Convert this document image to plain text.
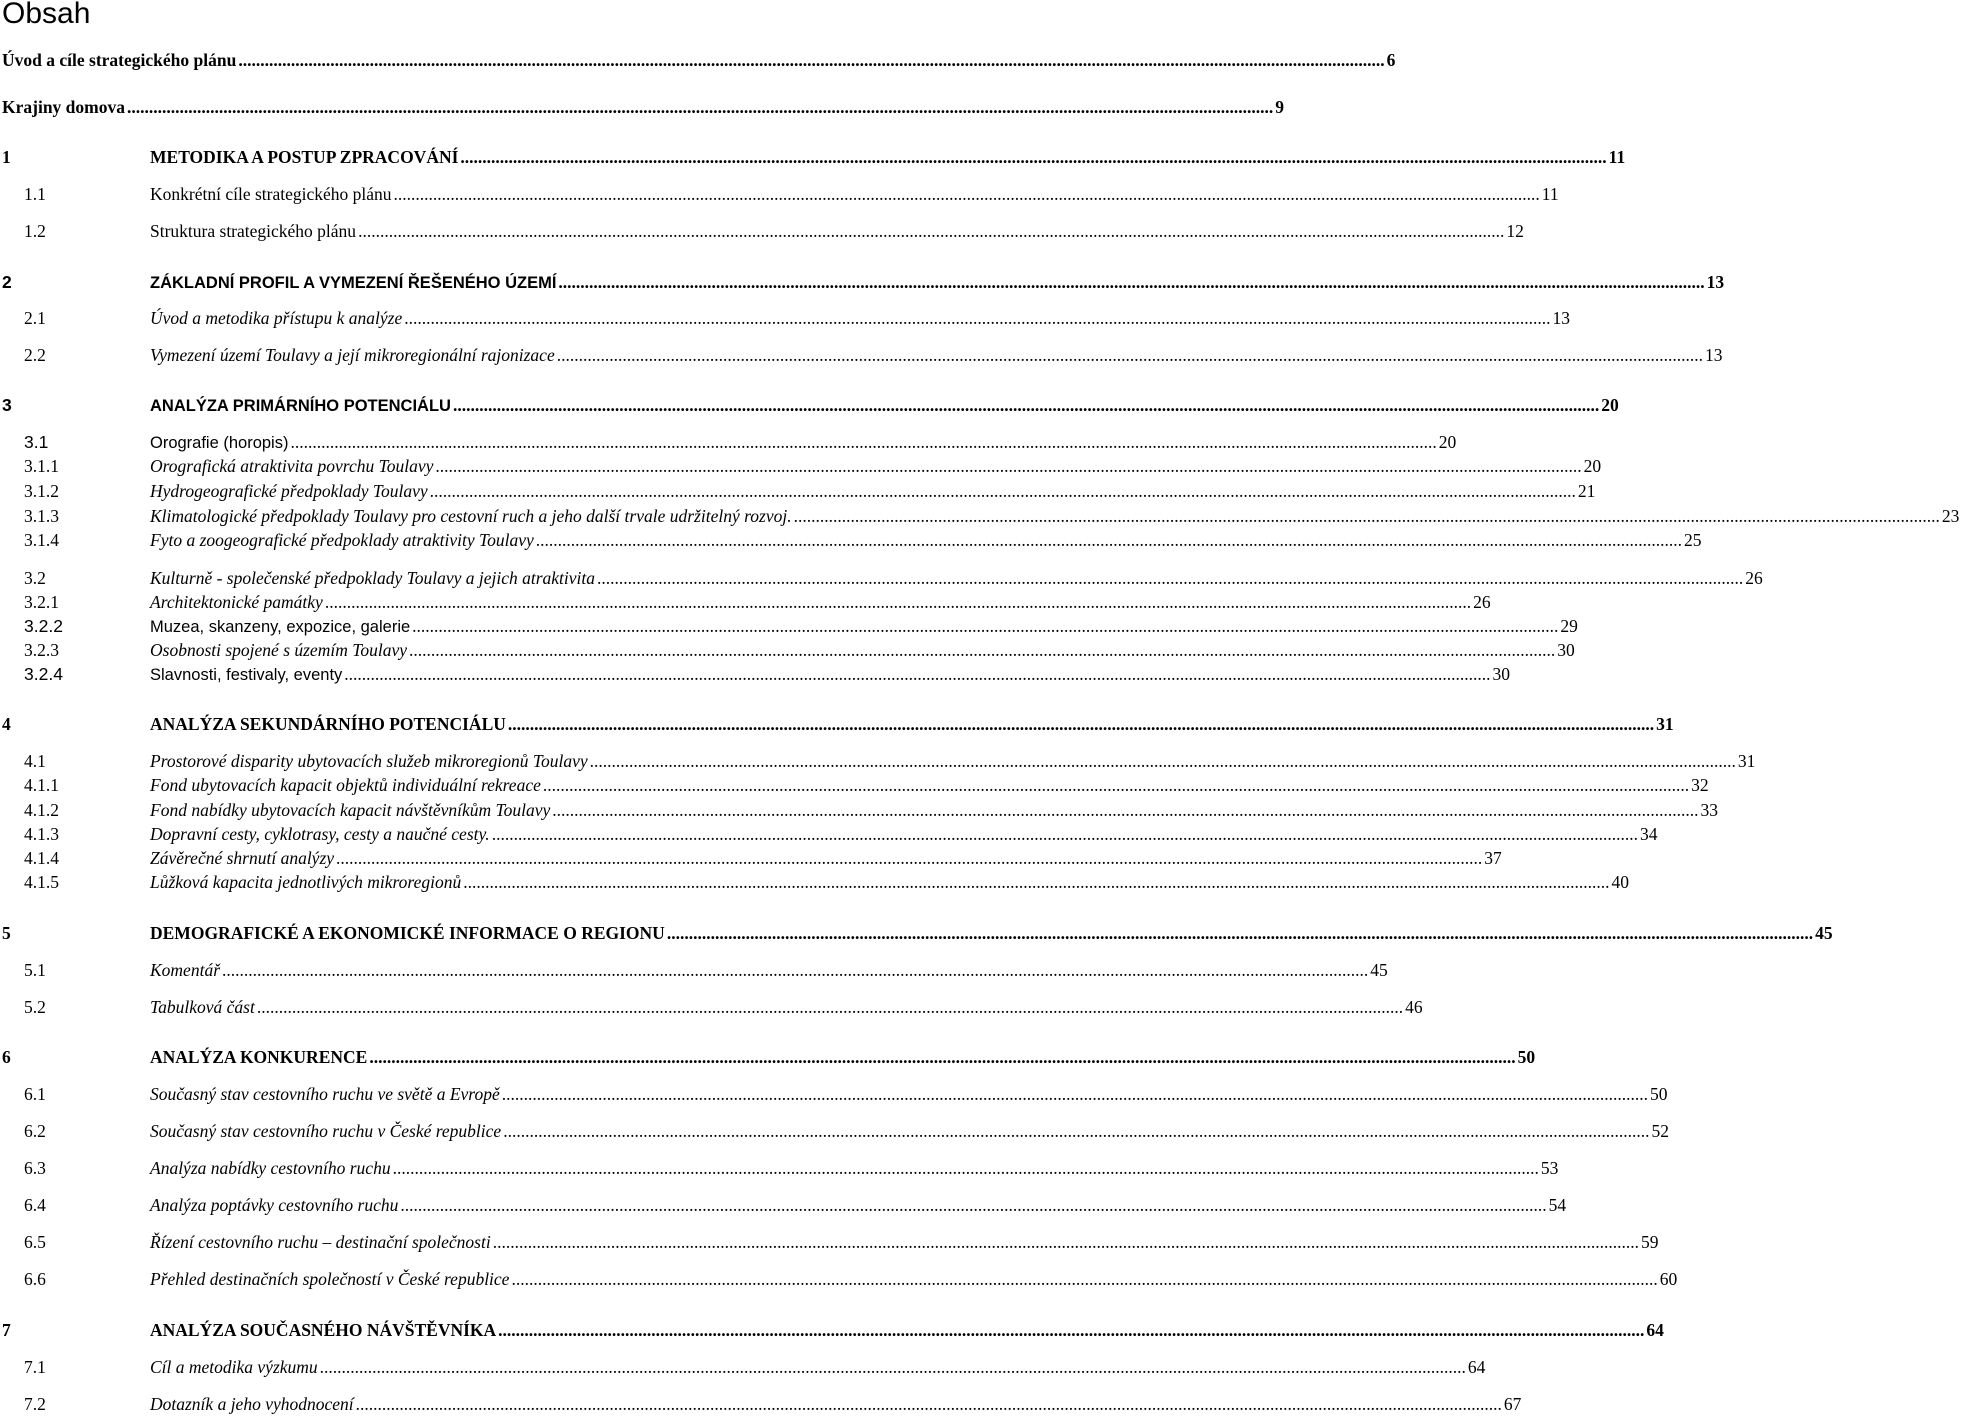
Obsah
Úvod a cíle strategického plánu .....	6
Krajiny domova .....	9
1	METODIKA A POSTUP ZPRACOVÁNÍ .....	11
1.1	Konkrétní cíle strategického plánu .....	11
1.2	Struktura strategického plánu .....	12
2	ZÁKLADNÍ PROFIL A VYMEZENÍ ŘEŠENÉHO ÚZEMÍ .....	13
2.1	Úvod a metodika přístupu k analýze .....	13
2.2	Vymezení území Toulavy a její mikroregionální rajonizace .....	13
3	ANALÝZA PRIMÁRNÍHO POTENCIÁLU .....	20
3.1	Orografie (horopis) .....	20
3.1.1	Orografická atraktivita povrchu Toulavy .....	20
3.1.2	Hydrogeografické předpoklady Toulavy .....	21
3.1.3	Klimatologické předpoklady Toulavy pro cestovní ruch a jeho další trvale udržitelný rozvoj. .....	23
3.1.4	Fyto a zoogeografické předpoklady atraktivity Toulavy .....	25
3.2	Kulturně - společenské předpoklady Toulavy a jejich atraktivita .....	26
3.2.1	Architektonické památky .....	26
3.2.2	Muzea, skanzeny, expozice, galerie .....	29
3.2.3	Osobnosti spojené s územím Toulavy .....	30
3.2.4	Slavnosti, festivaly, eventy .....	30
4	ANALÝZA SEKUNDÁRNÍHO POTENCIÁLU .....	31
4.1	Prostorové disparity ubytovacích služeb mikroregionů Toulavy .....	31
4.1.1	Fond ubytovacích kapacit objektů individuální rekreace .....	32
4.1.2	Fond nabídky ubytovacích kapacit návštěvníkům Toulavy .....	33
4.1.3	Dopravní cesty, cyklotrasy, cesty a naučné cesty. .....	34
4.1.4	Závěrečné shrnutí analýzy .....	37
4.1.5	Lůžková kapacita jednotlivých mikroregionů .....	40
5	DEMOGRAFICKÉ A EKONOMICKÉ INFORMACE O REGIONU .....	45
5.1	Komentář .....	45
5.2	Tabulková část .....	46
6	ANALÝZA KONKURENCE .....	50
6.1	Současný stav cestovního ruchu ve světě a Evropě .....	50
6.2	Současný stav cestovního ruchu v České republice .....	52
6.3	Analýza nabídky cestovního ruchu .....	53
6.4	Analýza poptávky cestovního ruchu .....	54
6.5	Řízení cestovního ruchu – destinační společnosti .....	59
6.6	Přehled destinačních společností v České republice .....	60
7	ANALÝZA SOUČASNÉHO NÁVŠTĚVNÍKA .....	64
7.1	Cíl a metodika výzkumu .....	64
7.2	Dotazník a jeho vyhodnocení .....	67
